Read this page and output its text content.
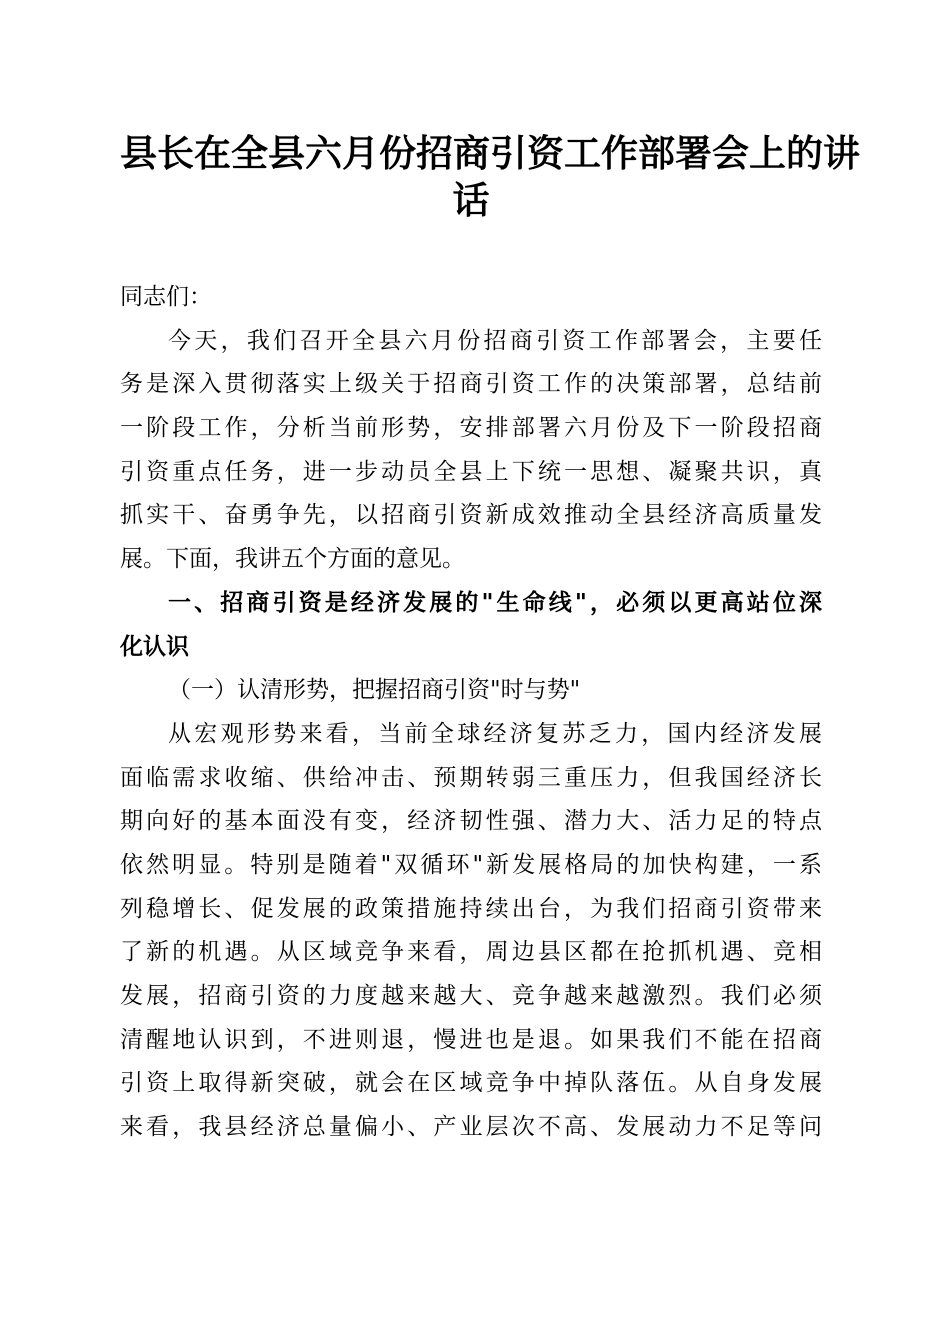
县长在全县六月份招商引资工作部署会上的讲
话
同志们：
今天，我们召开全县六月份招商引资工作部署会，主要任
务是深入贯彻落实上级关于招商引资工作的决策部署，总结前
一阶段工作，分析当前形势，安排部署六月份及下一阶段招商
引资重点任务，进一步动员全县上下统一思想、凝聚共识，真
抓实干、奋勇争先，以招商引资新成效推动全县经济高质量发
展。下面，我讲五个方面的意见。
一、招商引资是经济发展的"生命线"，必须以更高站位深
化认识
（一）认清形势，把握招商引资"时与势"
从宏观形势来看，当前全球经济复苏乏力，国内经济发展
面临需求收缩、供给冲击、预期转弱三重压力，但我国经济长
期向好的基本面没有变，经济韧性强、潜力大、活力足的特点
依然明显。特别是随着"双循环"新发展格局的加快构建，一系
列稳增长、促发展的政策措施持续出台，为我们招商引资带来
了新的机遇。从区域竞争来看，周边县区都在抢抓机遇、竞相
发展，招商引资的力度越来越大、竞争越来越激烈。我们必须
清醒地认识到，不进则退，慢进也是退。如果我们不能在招商
引资上取得新突破，就会在区域竞争中掉队落伍。从自身发展
来看，我县经济总量偏小、产业层次不高、发展动力不足等问
